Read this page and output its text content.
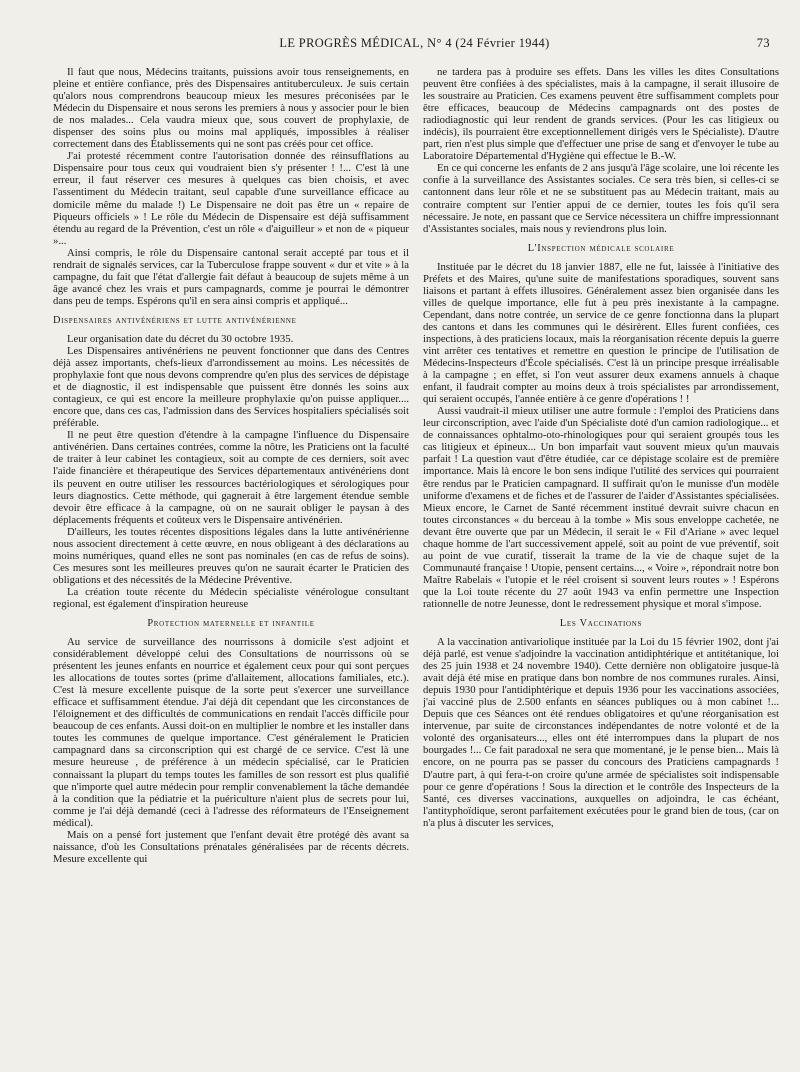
LE PROGRÈS MÉDICAL, N° 4 (24 Février 1944)	73

Il faut que nous, Médecins traitants, puissions avoir tous renseignements, en pleine et entière confiance, près des Dispensaires antituberculeux. Je suis certain qu'alors nous comprendrons beaucoup mieux les mesures préconisées par le Médecin du Dispensaire et nous serons les premiers à nous y associer pour le bien de nos malades... Cela vaudra mieux que, sous couvert de prophylaxie, de dispenser des soins plus ou moins mal appliqués, impossibles à réaliser correctement dans des Établissements qui ne sont pas créés pour cet office.

J'ai protesté récemment contre l'autorisation donnée des réinsufflations au Dispensaire pour tous ceux qui voudraient bien s'y présenter ! !... C'est là une erreur, il faut réserver ces mesures à quelques cas bien choisis, et avec l'assentiment du Médecin traitant, seul capable d'une surveillance efficace au domicile même du malade !) Le Dispensaire ne doit pas être un « repaire de Piqueurs officiels » ! Le rôle du Médecin de Dispensaire est déjà suffisamment étendu au regard de la Prévention, c'est un rôle « d'aiguilleur » et non de « piqueur »...

Ainsi compris, le rôle du Dispensaire cantonal serait accepté par tous et il rendrait de signalés services, car la Tuberculose frappe souvent « dur et vite » à la campagne, du fait que l'état d'allergie fait défaut à beaucoup de sujets même à un âge avancé chez les vrais et purs campagnards, comme je pourrai le démontrer dans peu de temps. Espérons qu'il en sera ainsi compris et appliqué...

Dispensaires antivénériens et lutte antivénérienne

Leur organisation date du décret du 30 octobre 1935.

Les Dispensaires antivénériens ne peuvent fonctionner que dans des Centres déjà assez importants, chefs-lieux d'arrondissement au moins. Les nécessités de prophylaxie font que nous devons comprendre qu'en plus des services de dépistage et de diagnostic, il est indispensable que puissent être donnés les soins aux contagieux, ce qui est encore la meilleure prophylaxie qu'on puisse appliquer.... encore que, dans ces cas, l'admission dans des Services hospitaliers spécialisés soit préférable.

Il ne peut être question d'étendre à la campagne l'influence du Dispensaire antivénérien. Dans certaines contrées, comme la nôtre, les Praticiens ont la faculté de traiter à leur cabinet les contagieux, soit au compte de ces derniers, soit avec l'aide financière et thérapeutique des Services départementaux antivénériens dont ils peuvent en outre utiliser les ressources bactériologiques et sérologiques pour leurs diagnostics. Cette méthode, qui gagnerait à être largement étendue semble devoir être efficace à la campagne, où on ne saurait obliger le paysan à des déplacements fréquents et coûteux vers le Dispensaire antivénérien.

D'ailleurs, les toutes récentes dispositions légales dans la lutte antivénérienne nous associent directement à cette œuvre, en nous obligeant à des déclarations au moins numériques, quand elles ne sont pas nominales (en cas de refus de soins). Ces mesures sont les meilleures preuves qu'on ne saurait écarter le Praticien des obligations et des nécessités de la Médecine Préventive.

La création toute récente du Médecin spécialiste vénérologue consultant regional, est également d'inspiration heureuse

Protection maternelle et infantile

Au service de surveillance des nourrissons à domicile s'est adjoint et considérablement développé celui des Consultations de nourrissons où se présentent les jeunes enfants en nourrice et également ceux pour qui sont perçues les allocations de toutes sortes (prime d'allaitement, allocations familiales, etc.). C'est là mesure excellente puisque de la sorte peut s'exercer une surveillance efficace et suffisamment étendue. J'ai déjà dit cependant que les circonstances de l'éloignement et des difficultés de communications en rendait l'accès difficile pour beaucoup de ces enfants. Aussi doit-on en multiplier le nombre et les installer dans toutes les communes de quelque importance. C'est généralement le Praticien campagnard dans sa circonscription qui est chargé de ce service. C'est là une mesure heureuse , de préférence à un médecin spécialisé, car le Praticien connaissant la plupart du temps toutes les familles de son ressort est plus qualifié que n'importe quel autre médecin pour remplir convenablement la tâche demandée à la condition que la pédiatrie et la puériculture n'aient plus de secrets pour lui, comme je l'ai déjà demandé (ceci à l'adresse des réformateurs de l'Enseignement médical).

Mais on a pensé fort justement que l'enfant devait être protégé dès avant sa naissance, d'où les Consultations prénatales généralisées par de récents décrets. Mesure excellente qui

ne tardera pas à produire ses effets. Dans les villes les dites Consultations peuvent être confiées à des spécialistes, mais à la campagne, il serait illusoire de les soustraire au Praticien. Ces examens peuvent être suffisamment complets pour être efficaces, beaucoup de Médecins campagnards ont des postes de radiodiagnostic qui leur rendent de grands services. (Pour les cas litigieux ou indécis), ils pourraient être exceptionnellement dirigés vers le Spécialiste). D'autre part, rien n'est plus simple que d'effectuer une prise de sang et d'envoyer le tube au Laboratoire Départemental d'Hygiène qui effectue le B.-W.

En ce qui concerne les enfants de 2 ans jusqu'à l'âge scolaire, une loi récente les confie à la surveillance des Assistantes sociales. Ce sera très bien, si celles-ci se cantonnent dans leur rôle et ne se substituent pas au Médecin traitant, mais au contraire comptent sur l'entier appui de ce dernier, toutes les fois qu'il sera nécessaire. Je note, en passant que ce Service nécessitera un chiffre impressionnant d'Assistantes sociales, mais nous y reviendrons plus loin.

L'Inspection médicale scolaire

Instituée par le décret du 18 janvier 1887, elle ne fut, laissée à l'initiative des Préfets et des Maires, qu'une suite de manifestations sporadiques, souvent sans liaisons et partant à effets illusoires. Généralement assez bien organisée dans les villes de quelque importance, elle fut à peu près inexistante à la campagne. Cependant, dans notre contrée, un service de ce genre fonctionna dans la plupart des cantons et dans les communes qui le désirèrent. Elles furent confiées, ces inspections, à des praticiens locaux, mais la réorganisation récente depuis la guerre vint arrêter ces tentatives et remettre en question le principe de l'utilisation de Médecins-Inspecteurs d'École spécialisés. C'est là un principe presque irréalisable à la campagne ; en effet, si l'on veut assurer deux examens annuels à chaque enfant, il faudrait compter au moins deux à trois spécialistes par arrondissement, qui seraient occupés, l'année entière à ce genre d'opérations ! !

Aussi vaudrait-il mieux utiliser une autre formule : l'emploi des Praticiens dans leur circonscription, avec l'aide d'un Spécialiste doté d'un camion radiologique... et de connaissances ophtalmo-oto-rhinologiques pour qui seraient groupés tous les cas litigieux et épineux... Un bon imparfait vaut souvent mieux qu'un mauvais parfait ! La question vaut d'être étudiée, car ce dépistage scolaire est de première importance. Mais là encore le bon sens indique l'utilité des services qui pourraient être rendus par le Praticien campagnard. Il suffirait qu'on le munisse d'un modèle uniforme d'examens et de fiches et de l'assurer de l'aider d'Assistantes spécialisées. Mieux encore, le Carnet de Santé récemment institué devrait suivre chacun en toutes circonstances « du berceau à la tombe » Mis sous enveloppe cachetée, ne devant être ouverte que par un Médecin, il serait le « Fil d'Ariane » avec lequel chaque homme de l'art successivement appelé, soit au point de vue préventif, soit au point de vue curatif, tisserait la trame de la vie de chaque sujet de la Communauté française ! Utopie, pensent certains..., « Voire », répondrait notre bon Maître Rabelais « l'utopie et le réel croisent si souvent leurs routes » ! Espérons que la Loi toute récente du 27 août 1943 va enfin permettre une Inspection rationnelle de notre Jeunesse, dont le redressement physique et moral s'impose.

Les Vaccinations

A la vaccination antivariolique instituée par la Loi du 15 février 1902, dont j'ai déjà parlé, est venue s'adjoindre la vaccination antidiphtérique et antitétanique, loi des 25 juin 1938 et 24 novembre 1940). Cette dernière non obligatoire jusque-là avait déjà été mise en pratique dans bon nombre de nos communes rurales. Ainsi, depuis 1930 pour l'antidiphtérique et depuis 1936 pour les vaccinations associées, j'ai vacciné plus de 2.500 enfants en séances publiques ou à mon cabinet !... Depuis que ces Séances ont été rendues obligatoires et qu'une réorganisation est intervenue, par suite de circonstances indépendantes de notre volonté et de la volonté des organisateurs..., elles ont été interrompues dans la plupart de nos bourgades !... Ce fait paradoxal ne sera que momentané, je le pense bien... Mais là encore, on ne pourra pas se passer du concours des Praticiens campagnards ! D'autre part, à qui fera-t-on croire qu'une armée de spécialistes soit indispensable pour ce genre d'opérations ! Sous la direction et le contrôle des Inspecteurs de la Santé, ces diverses vaccinations, auxquelles on adjoindra, le cas échéant, l'antityphoïdique, seront parfaitement exécutées pour le grand bien de tous, (car on n'a plus à discuter les services,
